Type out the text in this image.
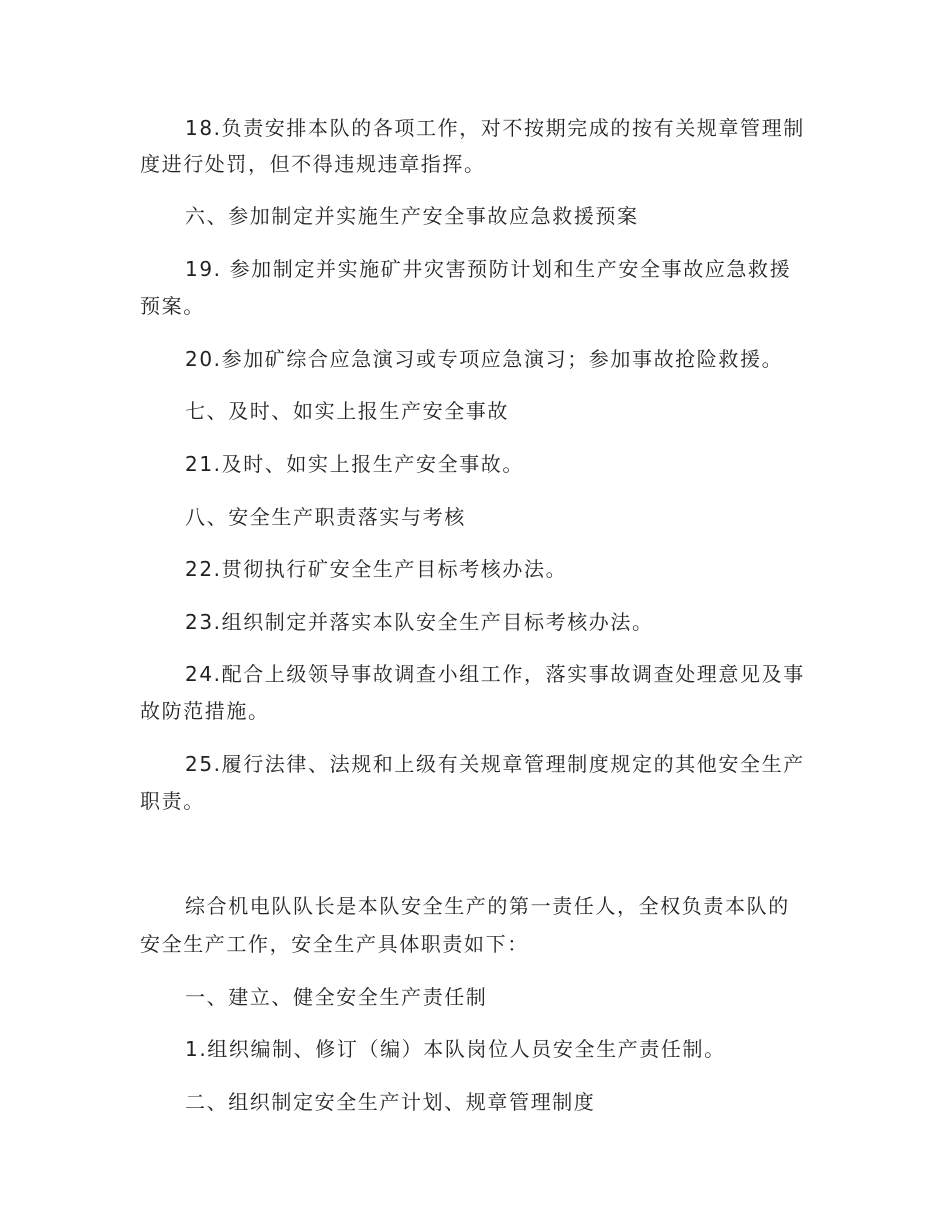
18.负责安排本队的各项工作，对不按期完成的按有关规章管理制
度进行处罚，但不得违规违章指挥。
六、参加制定并实施生产安全事故应急救援预案
19. 参加制定并实施矿井灾害预防计划和生产安全事故应急救援
预案。
20.参加矿综合应急演习或专项应急演习；参加事故抢险救援。
七、及时、如实上报生产安全事故
21.及时、如实上报生产安全事故。
八、安全生产职责落实与考核
22.贯彻执行矿安全生产目标考核办法。
23.组织制定并落实本队安全生产目标考核办法。
24.配合上级领导事故调查小组工作，落实事故调查处理意见及事
故防范措施。
25.履行法律、法规和上级有关规章管理制度规定的其他安全生产
职责。
综合机电队队长是本队安全生产的第一责任人，全权负责本队的
安全生产工作，安全生产具体职责如下：
一、建立、健全安全生产责任制
1.组织编制、修订（编）本队岗位人员安全生产责任制。
二、组织制定安全生产计划、规章管理制度
